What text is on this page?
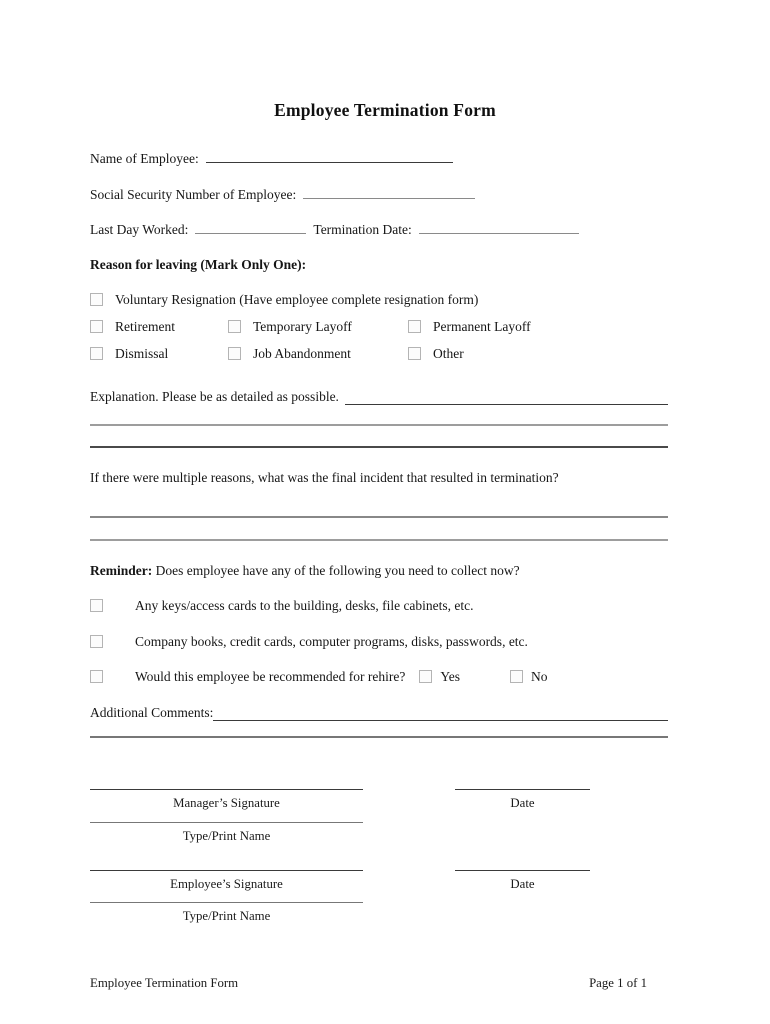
Employee Termination Form
Name of Employee:
Social Security Number of Employee:
Last Day Worked:	Termination Date:
Reason for leaving (Mark Only One):
Voluntary Resignation (Have employee complete resignation form)
Retirement	Temporary Layoff	Permanent Layoff
Dismissal	Job Abandonment	Other
Explanation. Please be as detailed as possible.
If there were multiple reasons, what was the final incident that resulted in termination?
Reminder: Does employee have any of the following you need to collect now?
Any keys/access cards to the building, desks, file cabinets, etc.
Company books, credit cards, computer programs, disks, passwords, etc.
Would this employee be recommended for rehire?	Yes	No
Additional Comments:
Manager’s Signature	Date
Type/Print Name
Employee’s Signature	Date
Type/Print Name
Employee Termination Form	Page 1 of 1
